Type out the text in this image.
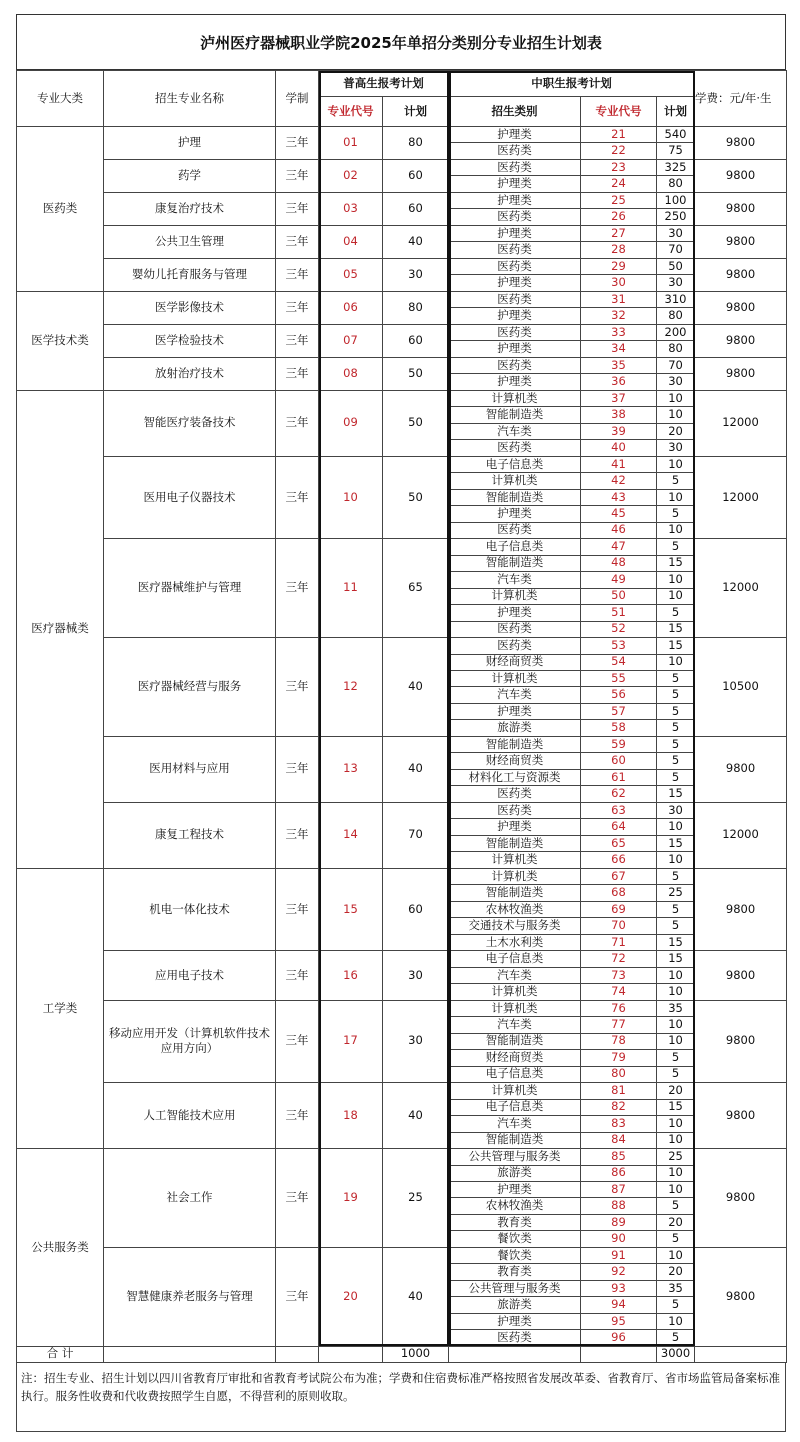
泸州医疗器械职业学院2025年单招分类别分专业招生计划表
专业大类	招生专业名称	学制	普高生报考计划		中职生报考计划			学费：元/年·生
			专业代号	计划	招生类别	专业代号	计划	
医药类	护理	三年	01	80	护理类	21	540	9800
					医药类	22	75	
	药学	三年	02	60	医药类	23	325	9800
					护理类	24	80	
	康复治疗技术	三年	03	60	护理类	25	100	9800
					医药类	26	250	
	公共卫生管理	三年	04	40	护理类	27	30	9800
					医药类	28	70	
	婴幼儿托育服务与管理	三年	05	30	医药类	29	50	9800
					护理类	30	30	
医学技术类	医学影像技术	三年	06	80	医药类	31	310	9800
					护理类	32	80	
	医学检验技术	三年	07	60	医药类	33	200	9800
					护理类	34	80	
	放射治疗技术	三年	08	50	医药类	35	70	9800
					护理类	36	30	
医疗器械类	智能医疗装备技术	三年	09	50	计算机类	37	10	12000
					智能制造类	38	10	
					汽车类	39	20	
					医药类	40	30	
	医用电子仪器技术	三年	10	50	电子信息类	41	10	12000
					计算机类	42	5	
					智能制造类	43	10	
					护理类	45	5	
					医药类	46	10	
	医疗器械维护与管理	三年	11	65	电子信息类	47	5	12000
					智能制造类	48	15	
					汽车类	49	10	
					计算机类	50	10	
					护理类	51	5	
					医药类	52	15	
	医疗器械经营与服务	三年	12	40	医药类	53	15	10500
					财经商贸类	54	10	
					计算机类	55	5	
					汽车类	56	5	
					护理类	57	5	
					旅游类	58	5	
	医用材料与应用	三年	13	40	智能制造类	59	5	9800
					财经商贸类	60	5	
					材料化工与资源类	61	5	
					医药类	62	15	
	康复工程技术	三年	14	70	医药类	63	30	12000
					护理类	64	10	
					智能制造类	65	15	
					计算机类	66	10	
工学类	机电一体化技术	三年	15	60	计算机类	67	5	9800
					智能制造类	68	25	
					农林牧渔类	69	5	
					交通技术与服务类	70	5	
					土木水利类	71	15	
	应用电子技术	三年	16	30	电子信息类	72	15	9800
					汽车类	73	10	
					计算机类	74	10	
	移动应用开发（计算机软件技术应用方向）	三年	17	30	计算机类	76	35	9800
					汽车类	77	10	
					智能制造类	78	10	
					财经商贸类	79	5	
					电子信息类	80	5	
	人工智能技术应用	三年	18	40	计算机类	81	20	9800
					电子信息类	82	15	
					汽车类	83	10	
					智能制造类	84	10	
公共服务类	社会工作	三年	19	25	公共管理与服务类	85	25	9800
					旅游类	86	10	
					护理类	87	10	
					农林牧渔类	88	5	
					教育类	89	20	
					餐饮类	90	5	
	智慧健康养老服务与管理	三年	20	40	餐饮类	91	10	9800
					教育类	92	20	
					公共管理与服务类	93	35	
					旅游类	94	5	
					护理类	95	10	
					医药类	96	5	
合 计				1000			3000	
注：招生专业、招生计划以四川省教育厅审批和省教育考试院公布为准；学费和住宿费标准严格按照省发展改革委、省教育厅、省市场监管局备案标准执行。服务性收费和代收费按照学生自愿，不得营利的原则收取。
